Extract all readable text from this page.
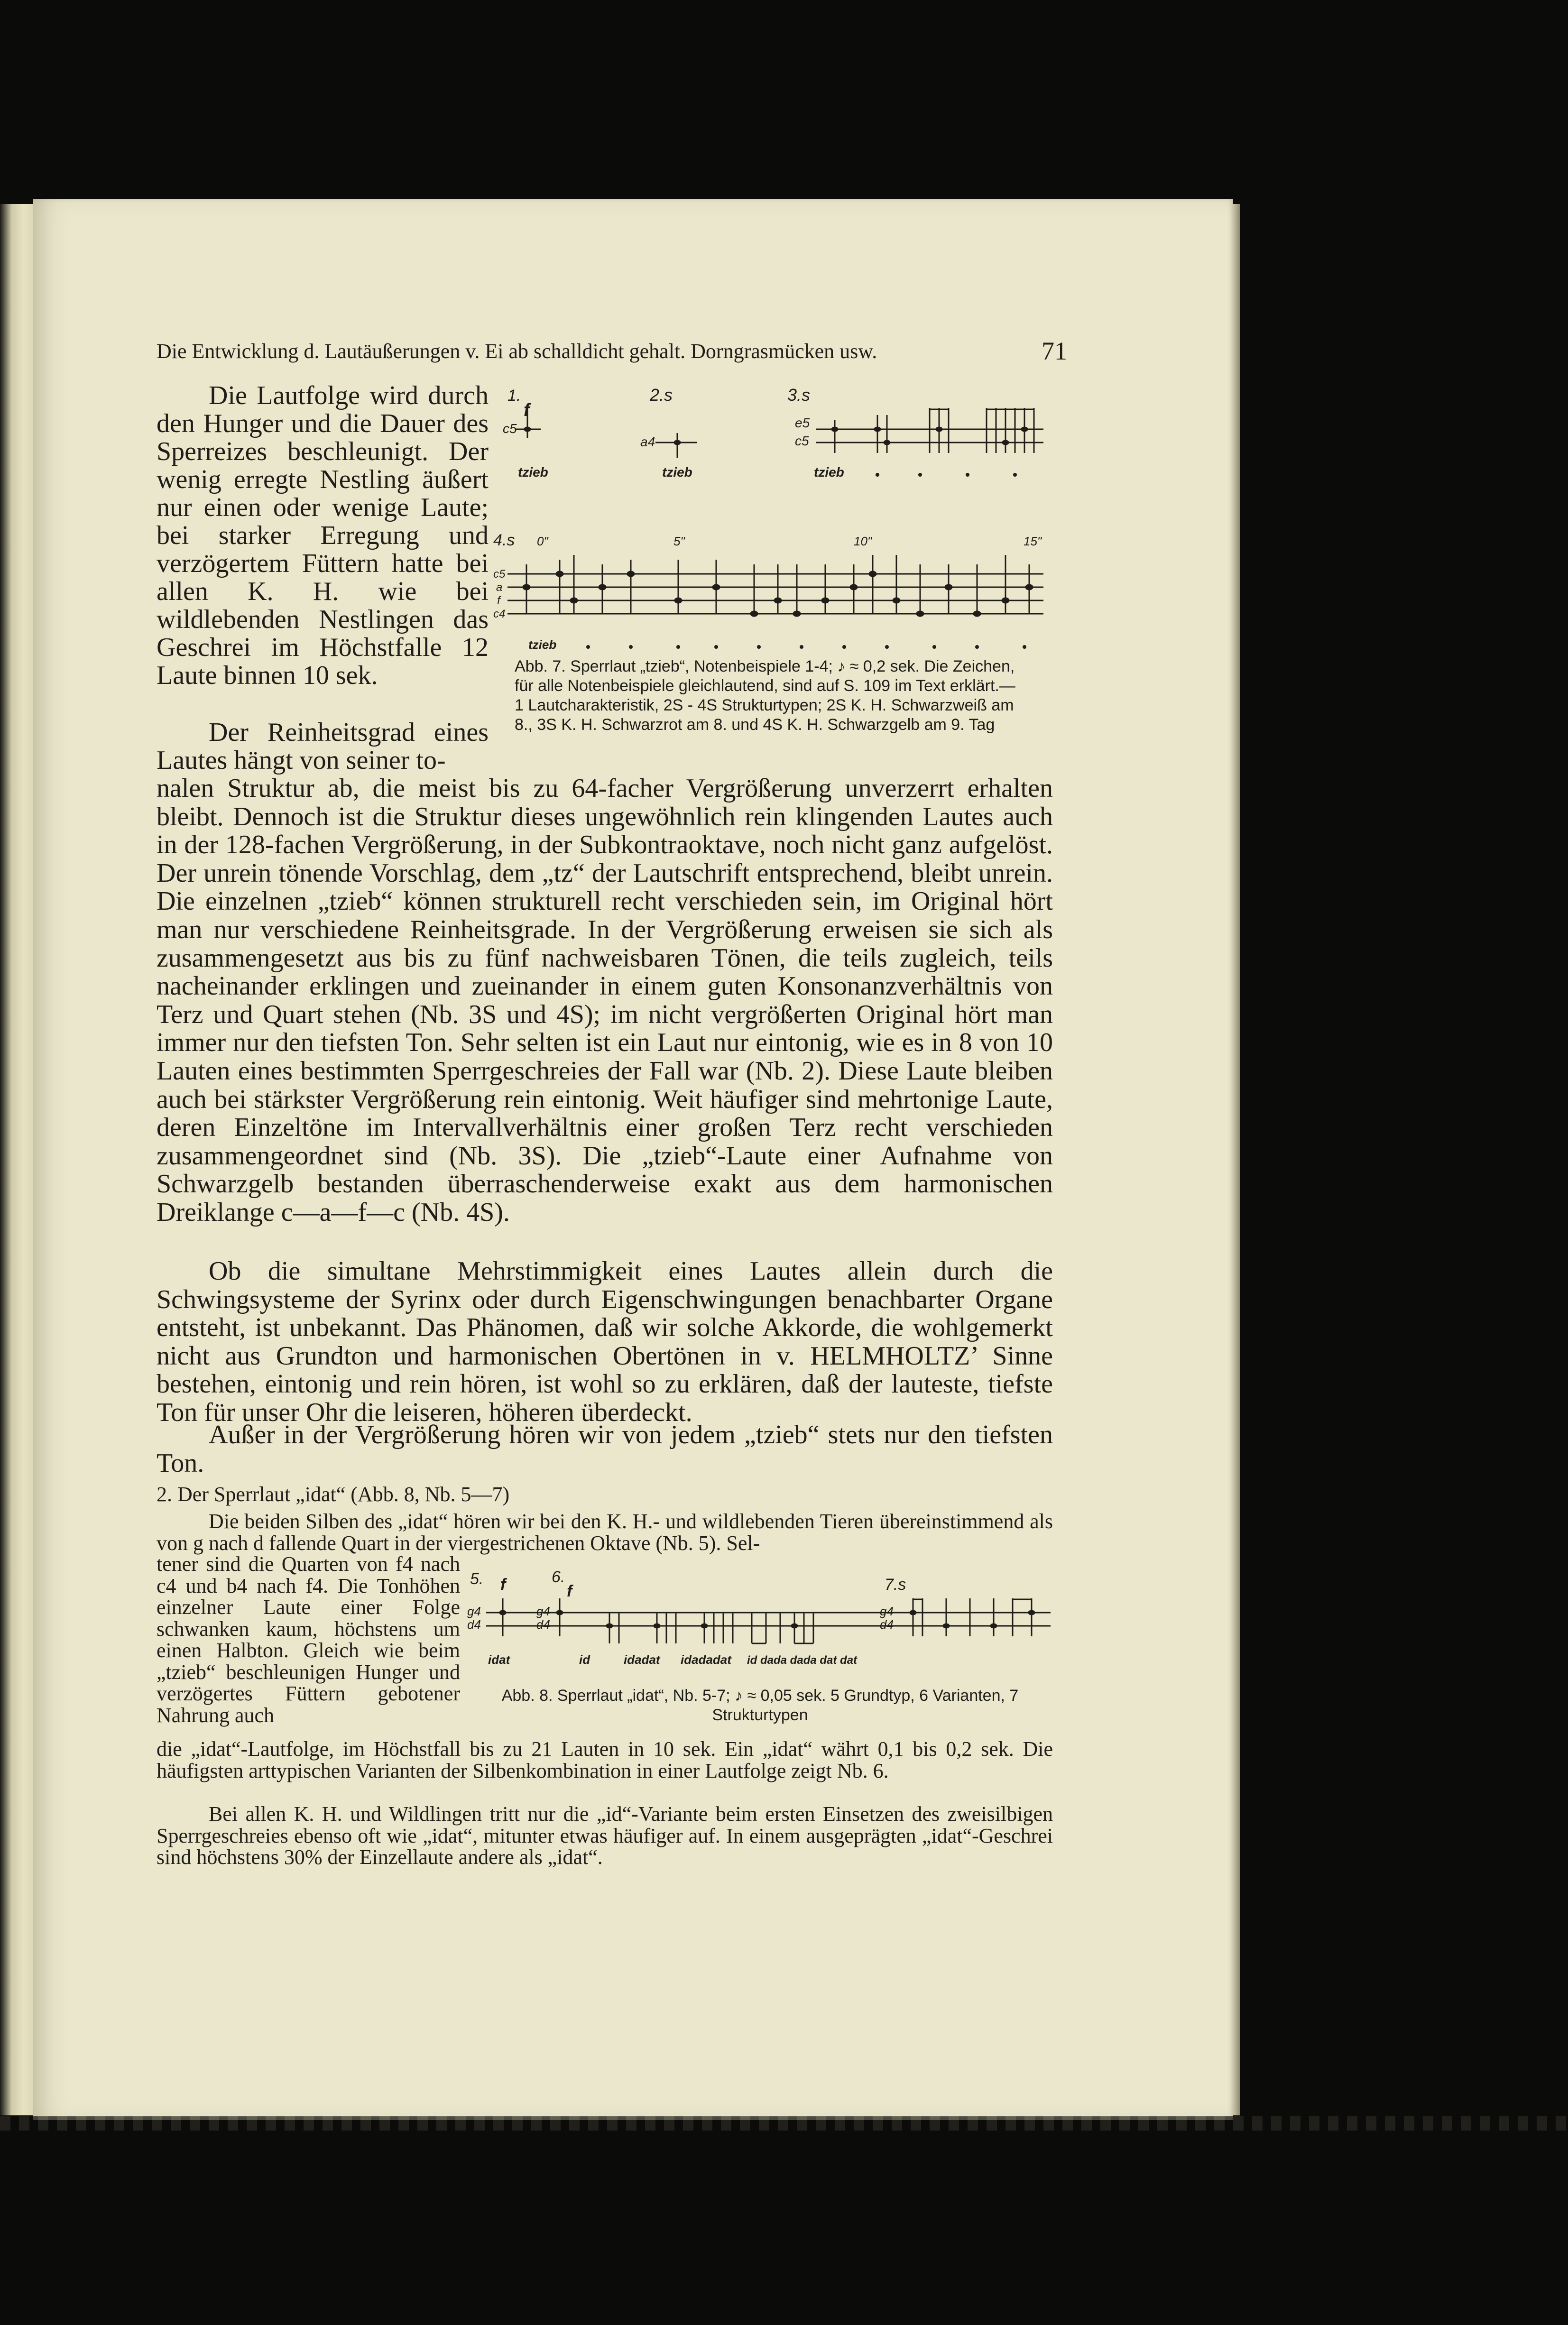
Die Entwicklung d. Lautäußerungen v. Ei ab schalldicht gehalt. Dorngrasmücken usw.	71
1.
f
c5
tzieb
2.s
a4
tzieb
3.s
e5
c5
tzieb
4.s 0"	5"	10"	15"
c5
a
f
c4
tzieb
Abb. 7. Sperrlaut „tzieb“, Notenbeispiele 1-4; ♪ ≈ 0,2 sek. Die Zeichen, für alle Notenbeispiele gleichlautend, sind auf S. 109 im Text erklärt.— 1 Lautcharakteristik, 2S - 4S Strukturtypen; 2S K. H. Schwarzweiß am 8., 3S K. H. Schwarzrot am 8. und 4S K. H. Schwarzgelb am 9. Tag
Die Lautfolge wird durch den Hunger und die Dauer des Sperreizes beschleunigt. Der wenig erregte Nestling äußert nur einen oder wenige Laute; bei starker Erregung und verzögertem Füttern hatte bei allen K. H. wie bei wildlebenden Nestlingen das Geschrei im Höchstfalle 12 Laute binnen 10 sek.
Der Reinheitsgrad eines Lautes hängt von seiner to-
nalen Struktur ab, die meist bis zu 64-facher Vergrößerung unverzerrt erhalten bleibt. Dennoch ist die Struktur dieses ungewöhnlich rein klingenden Lautes auch in der 128-fachen Vergrößerung, in der Subkontraoktave, noch nicht ganz aufgelöst. Der unrein tönende Vorschlag, dem „tz“ der Lautschrift entsprechend, bleibt unrein. Die einzelnen „tzieb“ können strukturell recht verschieden sein, im Original hört man nur verschiedene Reinheitsgrade. In der Vergrößerung erweisen sie sich als zusammengesetzt aus bis zu fünf nachweisbaren Tönen, die teils zugleich, teils nacheinander erklingen und zueinander in einem guten Konsonanzverhältnis von Terz und Quart stehen (Nb. 3S und 4S); im nicht vergrößerten Original hört man immer nur den tiefsten Ton. Sehr selten ist ein Laut nur eintonig, wie es in 8 von 10 Lauten eines bestimmten Sperrgeschreies der Fall war (Nb. 2). Diese Laute bleiben auch bei stärkster Vergrößerung rein eintonig. Weit häufiger sind mehrtonige Laute, deren Einzeltöne im Intervallverhältnis einer großen Terz recht verschieden zusammengeordnet sind (Nb. 3S). Die „tzieb“-Laute einer Aufnahme von Schwarzgelb bestanden überraschenderweise exakt aus dem harmonischen Dreiklange c—a—f—c (Nb. 4S).
Ob die simultane Mehrstimmigkeit eines Lautes allein durch die Schwingsysteme der Syrinx oder durch Eigenschwingungen benachbarter Organe entsteht, ist unbekannt. Das Phänomen, daß wir solche Akkorde, die wohlgemerkt nicht aus Grundton und harmonischen Obertönen in v. HELMHOLTZ’ Sinne bestehen, eintonig und rein hören, ist wohl so zu erklären, daß der lauteste, tiefste Ton für unser Ohr die leiseren, höheren überdeckt.
Außer in der Vergrößerung hören wir von jedem „tzieb“ stets nur den tiefsten Ton.
2. Der Sperrlaut „idat“ (Abb. 8, Nb. 5—7)
Die beiden Silben des „idat“ hören wir bei den K. H.- und wildlebenden Tieren übereinstimmend als von g nach d fallende Quart in der viergestrichenen Oktave (Nb. 5). Sel-
tener sind die Quarten von f4 nach c4 und b4 nach f4. Die Tonhöhen einzelner Laute einer Folge schwanken kaum, höchstens um einen Halbton. Gleich wie beim „tzieb“ beschleunigen Hunger und verzögertes Füttern gebotener Nahrung auch
5. f
g4
d4
idat
6.
f
g4
d4
id	idadat idadadat id dada dada dat dat
7.s
g4
d4
Abb. 8. Sperrlaut „idat“, Nb. 5-7; ♪ ≈ 0,05 sek. 5 Grundtyp, 6 Varianten, 7 Strukturtypen
die „idat“-Lautfolge, im Höchstfall bis zu 21 Lauten in 10 sek. Ein „idat“ währt 0,1 bis 0,2 sek. Die häufigsten arttypischen Varianten der Silbenkombination in einer Lautfolge zeigt Nb. 6.
Bei allen K. H. und Wildlingen tritt nur die „id“-Variante beim ersten Einsetzen des zweisilbigen Sperrgeschreies ebenso oft wie „idat“, mitunter etwas häufiger auf. In einem ausgeprägten „idat“-Geschrei sind höchstens 30% der Einzellaute andere als „idat“.
